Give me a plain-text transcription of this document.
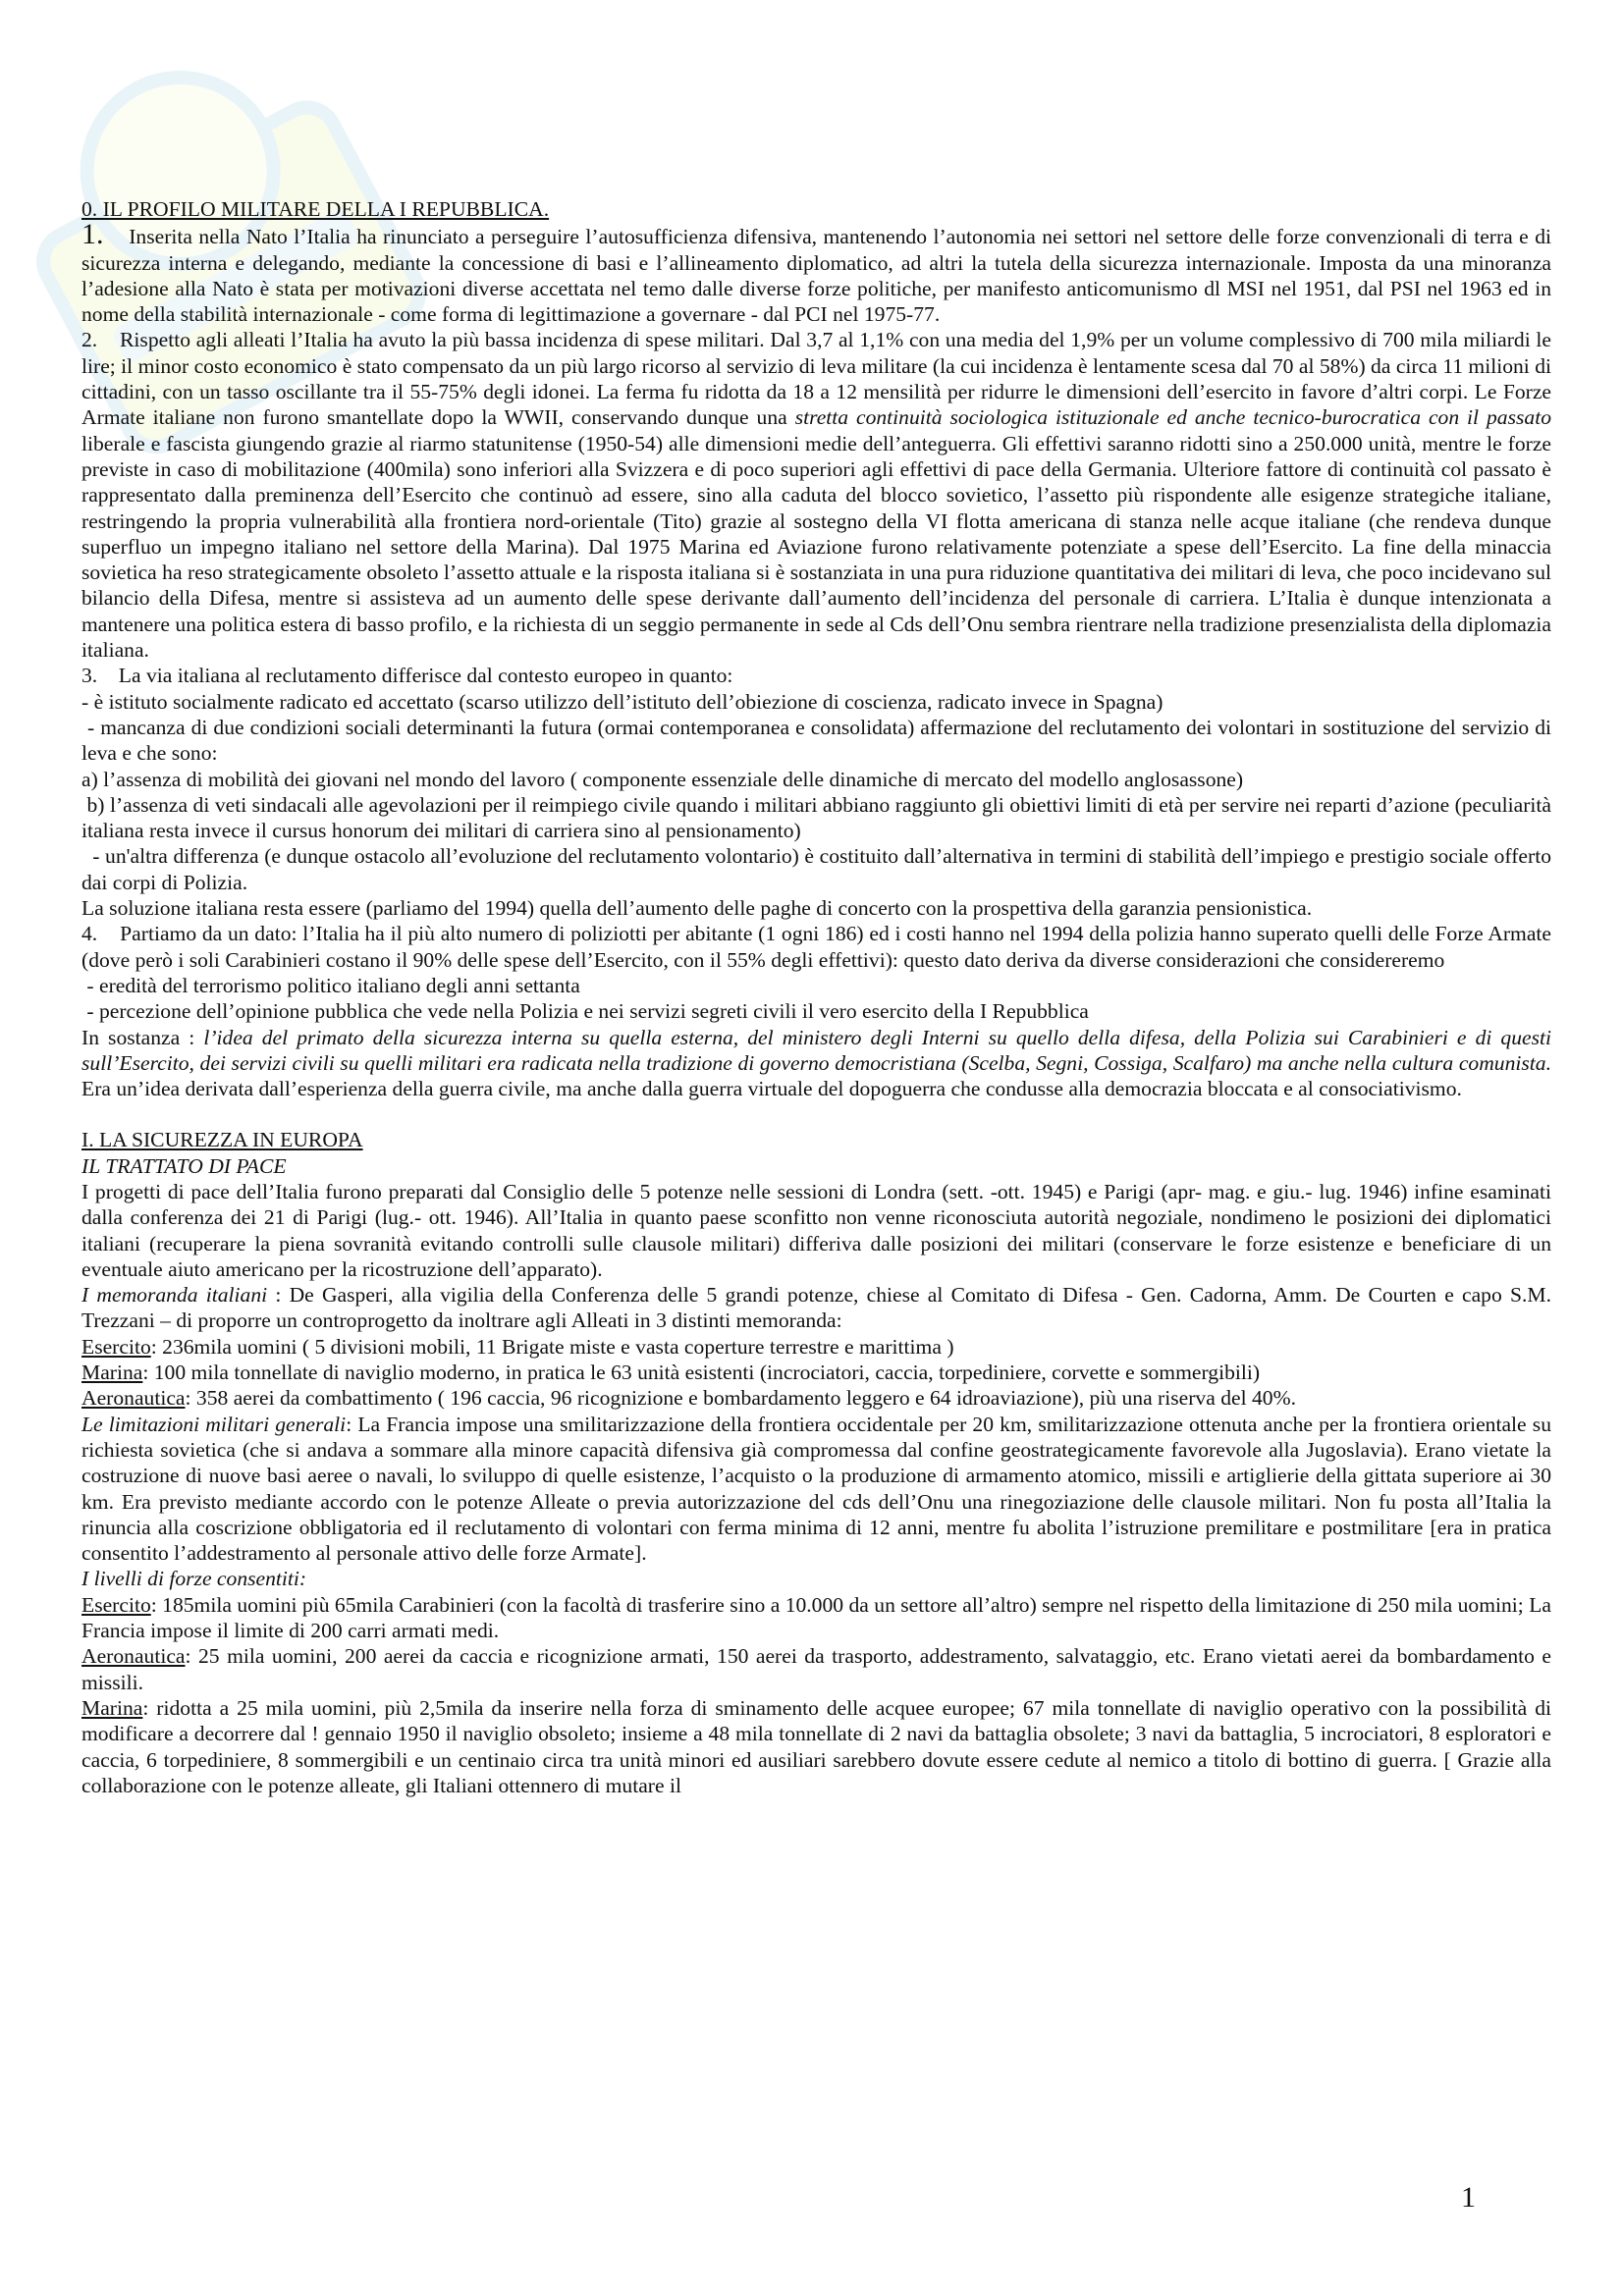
0. IL PROFILO MILITARE DELLA I REPUBBLICA.

1. Inserita nella Nato l’Italia ha rinunciato a perseguire l’autosufficienza difensiva, mantenendo l’autonomia nei settori nel settore delle forze convenzionali di terra e di sicurezza interna e delegando, mediante la concessione di basi e l’allineamento diplomatico, ad altri la tutela della sicurezza internazionale. Imposta da una minoranza l’adesione alla Nato è stata per motivazioni diverse accettata nel temo dalle diverse forze politiche, per manifesto anticomunismo dl MSI nel 1951, dal PSI nel 1963 ed in nome della stabilità internazionale - come forma di legittimazione a governare - dal PCI nel 1975-77.

2.    Rispetto agli alleati l’Italia ha avuto la più bassa incidenza di spese militari. Dal 3,7 al 1,1% con una media del 1,9% per un volume complessivo di 700 mila miliardi le lire; il minor costo economico è stato compensato da un più largo ricorso al servizio di leva militare (la cui incidenza è lentamente scesa dal 70 al 58%) da circa 11 milioni di cittadini, con un tasso oscillante tra il 55-75% degli idonei. La ferma fu ridotta da 18 a 12 mensilità per ridurre le dimensioni dell’esercito in favore d’altri corpi. Le Forze Armate italiane non furono smantellate dopo la WWII, conservando dunque una stretta continuità sociologica istituzionale ed anche tecnico-burocratica con il passato liberale e fascista giungendo grazie al riarmo statunitense (1950-54) alle dimensioni medie dell’anteguerra. Gli effettivi saranno ridotti sino a 250.000 unità, mentre le forze previste in caso di mobilitazione (400mila) sono inferiori alla Svizzera e di poco superiori agli effettivi di pace della Germania. Ulteriore fattore di continuità col passato è rappresentato dalla preminenza dell’Esercito che continuò ad essere, sino alla caduta del blocco sovietico, l’assetto più rispondente alle esigenze strategiche italiane, restringendo la propria vulnerabilità alla frontiera nord-orientale (Tito) grazie al sostegno della VI flotta americana di stanza nelle acque italiane (che rendeva dunque superfluo un impegno italiano nel settore della Marina). Dal 1975 Marina ed Aviazione furono relativamente potenziate a spese dell’Esercito. La fine della minaccia sovietica ha reso strategicamente obsoleto l’assetto attuale e la risposta italiana si è sostanziata in una pura riduzione quantitativa dei militari di leva, che poco incidevano sul bilancio della Difesa, mentre si assisteva ad un aumento delle spese derivante dall’aumento dell’incidenza del personale di carriera. L’Italia è dunque intenzionata a mantenere una politica estera di basso profilo, e la richiesta di un seggio permanente in sede al Cds dell’Onu sembra rientrare nella tradizione presenzialista della diplomazia italiana.

3.    La via italiana al reclutamento differisce dal contesto europeo in quanto:

- è istituto socialmente radicato ed accettato (scarso utilizzo dell’istituto dell’obiezione di coscienza, radicato invece in Spagna)

- mancanza di due condizioni sociali determinanti la futura (ormai contemporanea e consolidata) affermazione del reclutamento dei volontari in sostituzione del servizio di leva e che sono:

a) l’assenza di mobilità dei giovani nel mondo del lavoro ( componente essenziale delle dinamiche di mercato del modello anglosassone)

b) l’assenza di veti sindacali alle agevolazioni per il reimpiego civile quando i militari abbiano raggiunto gli obiettivi limiti di età per servire nei reparti d’azione (peculiarità italiana resta invece il cursus honorum dei militari di carriera sino al pensionamento)

- un'altra differenza (e dunque ostacolo all’evoluzione del reclutamento volontario) è costituito dall’alternativa in termini di stabilità dell’impiego e prestigio sociale offerto dai corpi di Polizia.

La soluzione italiana resta essere (parliamo del 1994) quella dell’aumento delle paghe di concerto con la prospettiva della garanzia pensionistica.

4.    Partiamo da un dato: l’Italia ha il più alto numero di poliziotti per abitante (1 ogni 186) ed i costi hanno nel 1994 della polizia hanno superato quelli delle Forze Armate (dove però i soli Carabinieri costano il 90% delle spese dell’Esercito, con il 55% degli effettivi): questo dato deriva da diverse considerazioni che considereremo

- eredità del terrorismo politico italiano degli anni settanta

- percezione dell’opinione pubblica che vede nella Polizia e nei servizi segreti civili il vero esercito della I Repubblica

In sostanza : l’idea del primato della sicurezza interna su quella esterna, del ministero degli Interni su quello della difesa, della Polizia sui Carabinieri e di questi sull’Esercito, dei servizi civili su quelli militari era radicata nella tradizione di governo democristiana (Scelba, Segni, Cossiga, Scalfaro) ma anche nella cultura comunista. Era un’idea derivata dall’esperienza della guerra civile, ma anche dalla guerra virtuale del dopoguerra che condusse alla democrazia bloccata e al consociativismo.

I. LA SICUREZZA IN EUROPA

IL TRATTATO DI PACE

I progetti di pace dell’Italia furono preparati dal Consiglio delle 5 potenze nelle sessioni di Londra (sett. -ott. 1945) e Parigi (apr- mag. e giu.- lug. 1946) infine esaminati dalla conferenza dei 21 di Parigi (lug.- ott. 1946). All’Italia in quanto paese sconfitto non venne riconosciuta autorità negoziale, nondimeno le posizioni dei diplomatici italiani (recuperare la piena sovranità evitando controlli sulle clausole militari) differiva dalle posizioni dei militari (conservare le forze esistenze e beneficiare di un eventuale aiuto americano per la ricostruzione dell’apparato).

I memoranda italiani : De Gasperi, alla vigilia della Conferenza delle 5 grandi potenze, chiese al Comitato di Difesa - Gen. Cadorna, Amm. De Courten e capo S.M. Trezzani – di proporre un controprogetto da inoltrare agli Alleati in 3 distinti memoranda:

Esercito: 236mila uomini ( 5 divisioni mobili, 11 Brigate miste e vasta coperture terrestre e marittima )

Marina: 100 mila tonnellate di naviglio moderno, in pratica le 63 unità esistenti (incrociatori, caccia, torpediniere, corvette e sommergibili)

Aeronautica: 358 aerei da combattimento ( 196 caccia, 96 ricognizione e bombardamento leggero e 64 idroaviazione), più una riserva del 40%.

Le limitazioni militari generali: La Francia impose una smilitarizzazione della frontiera occidentale per 20 km, smilitarizzazione ottenuta anche per la frontiera orientale su richiesta sovietica (che si andava a sommare alla minore capacità difensiva già compromessa dal confine geostrategicamente favorevole alla Jugoslavia). Erano vietate la costruzione di nuove basi aeree o navali, lo sviluppo di quelle esistenze, l’acquisto o la produzione di armamento atomico, missili e artiglierie della gittata superiore ai 30 km. Era previsto mediante accordo con le potenze Alleate o previa autorizzazione del cds dell’Onu una rinegoziazione delle clausole militari. Non fu posta all’Italia la rinuncia alla coscrizione obbligatoria ed il reclutamento di volontari con ferma minima di 12 anni, mentre fu abolita l’istruzione premilitare e postmilitare [era in pratica consentito l’addestramento al personale attivo delle forze Armate].

I livelli di forze consentiti:

Esercito: 185mila uomini più 65mila Carabinieri (con la facoltà di trasferire sino a 10.000 da un settore all’altro) sempre nel rispetto della limitazione di 250 mila uomini; La Francia impose il limite di 200 carri armati medi.

Aeronautica: 25 mila uomini, 200 aerei da caccia e ricognizione armati, 150 aerei da trasporto, addestramento, salvataggio, etc. Erano vietati aerei da bombardamento e missili.

Marina: ridotta a 25 mila uomini, più 2,5mila da inserire nella forza di sminamento delle acquee europee; 67 mila tonnellate di naviglio operativo con la possibilità di modificare a decorrere dal ! gennaio 1950 il naviglio obsoleto; insieme a 48 mila tonnellate di 2 navi da battaglia obsolete; 3 navi da battaglia, 5 incrociatori, 8 esploratori e caccia, 6 torpediniere, 8 sommergibili e un centinaio circa tra unità minori ed ausiliari sarebbero dovute essere cedute al nemico a titolo di bottino di guerra. [ Grazie alla collaborazione con le potenze alleate, gli Italiani ottennero di mutare il

1
